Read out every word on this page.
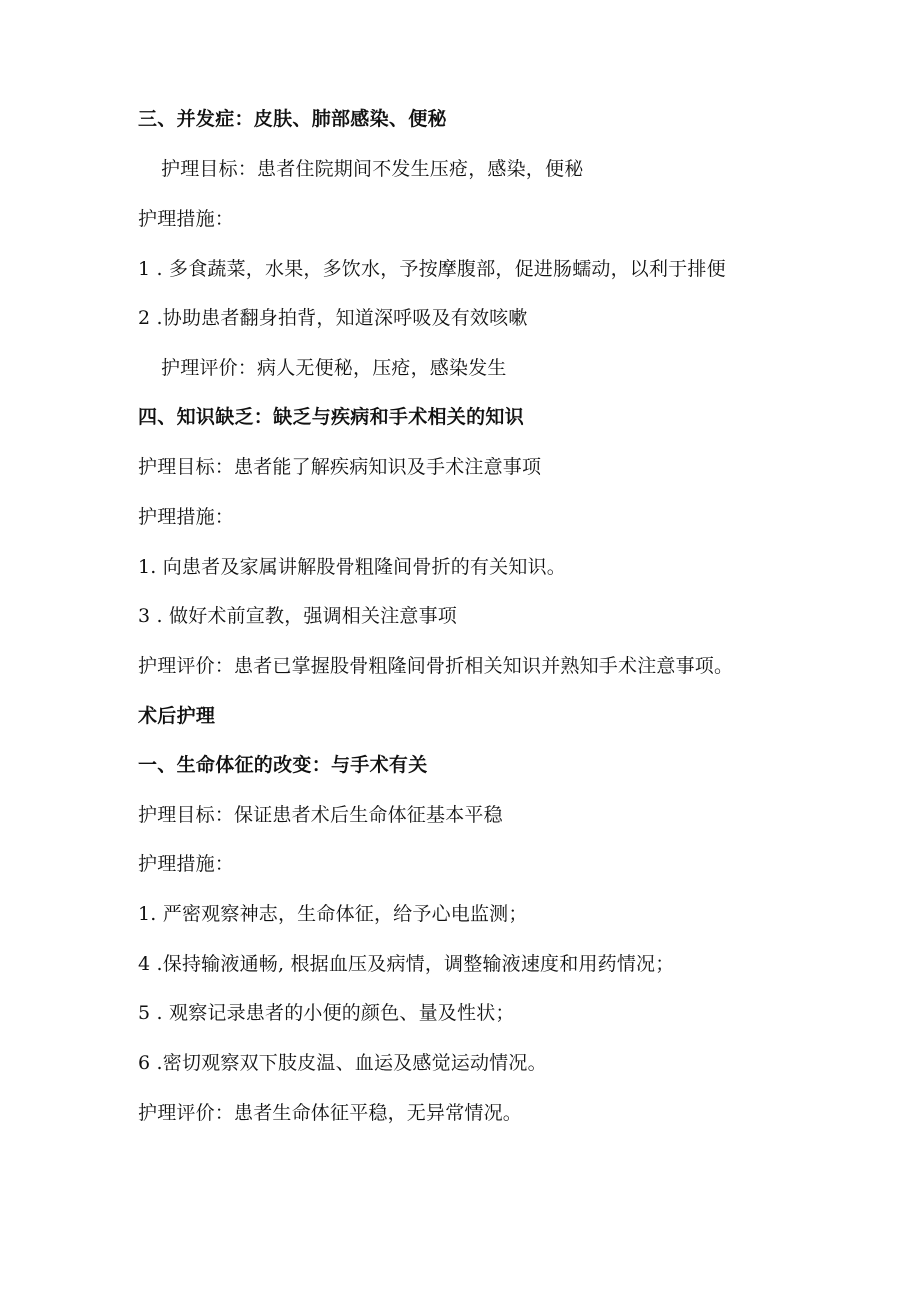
三、并发症：皮肤、肺部感染、便秘
护理目标：患者住院期间不发生压疮，感染，便秘
护理措施：
1 . 多食蔬菜，水果，多饮水，予按摩腹部，促进肠蠕动，以利于排便
2 .协助患者翻身拍背，知道深呼吸及有效咳嗽
护理评价：病人无便秘，压疮，感染发生
四、知识缺乏：缺乏与疾病和手术相关的知识
护理目标：患者能了解疾病知识及手术注意事项
护理措施：
1. 向患者及家属讲解股骨粗隆间骨折的有关知识。
3 . 做好术前宣教，强调相关注意事项
护理评价：患者已掌握股骨粗隆间骨折相关知识并熟知手术注意事项。
术后护理
一、生命体征的改变：与手术有关
护理目标：保证患者术后生命体征基本平稳
护理措施：
1. 严密观察神志，生命体征，给予心电监测；
4 .保持输液通畅, 根据血压及病情，调整输液速度和用药情况；
5 . 观察记录患者的小便的颜色、量及性状；
6 .密切观察双下肢皮温、血运及感觉运动情况。
护理评价：患者生命体征平稳，无异常情况。
